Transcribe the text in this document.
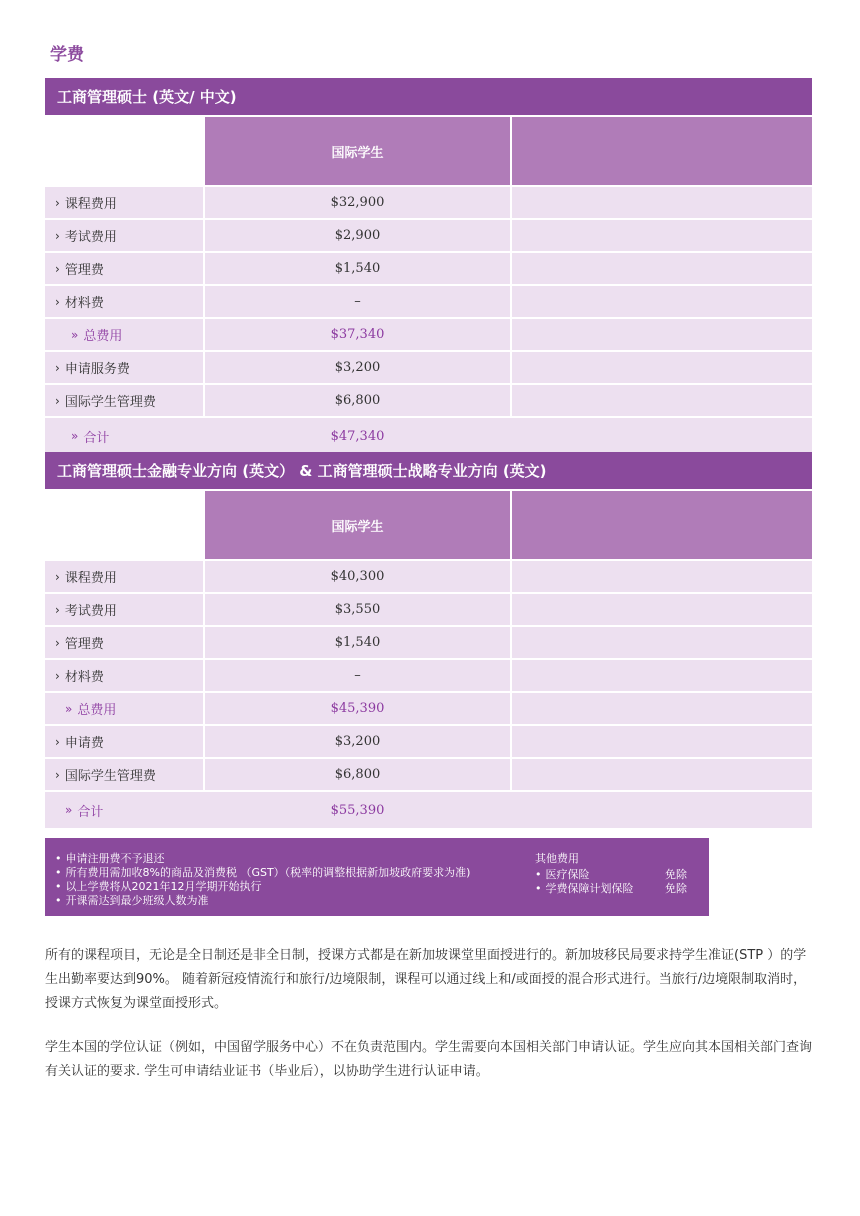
学费
工商管理硕士 (英文/ 中文)
国际学生
› 课程费用	$32,900
› 考试费用	$2,900
› 管理费	$1,540
› 材料费	–
» 总费用	$37,340
› 申请服务费	$3,200
› 国际学生管理费	$6,800
» 合计	$47,340
工商管理硕士金融专业方向 (英文） & 工商管理硕士战略专业方向 (英文)
国际学生
› 课程费用	$40,300
› 考试费用	$3,550
› 管理费	$1,540
› 材料费	–
» 总费用	$45,390
› 申请费	$3,200
› 国际学生管理费	$6,800
» 合计	$55,390
• 申请注册费不予退还
• 所有费用需加收8%的商品及消费税 （GST）（税率的调整根据新加坡政府要求为准)
• 以上学费将从2021年12月学期开始执行
• 开课需达到最少班级人数为准
其他费用
• 医疗保险	免除
• 学费保障计划保险	免除
所有的课程项目，无论是全日制还是非全日制，授课方式都是在新加坡课堂里面授进行的。新加坡移民局要求持学生准证(STP ）的学生出勤率要达到90%。 随着新冠疫情流行和旅行/边境限制，课程可以通过线上和/或面授的混合形式进行。当旅行/边境限制取消时，授课方式恢复为课堂面授形式。
学生本国的学位认证（例如，中国留学服务中心）不在负责范围内。学生需要向本国相关部门申请认证。学生应向其本国相关部门查询有关认证的要求. 学生可申请结业证书（毕业后），以协助学生进行认证申请。
